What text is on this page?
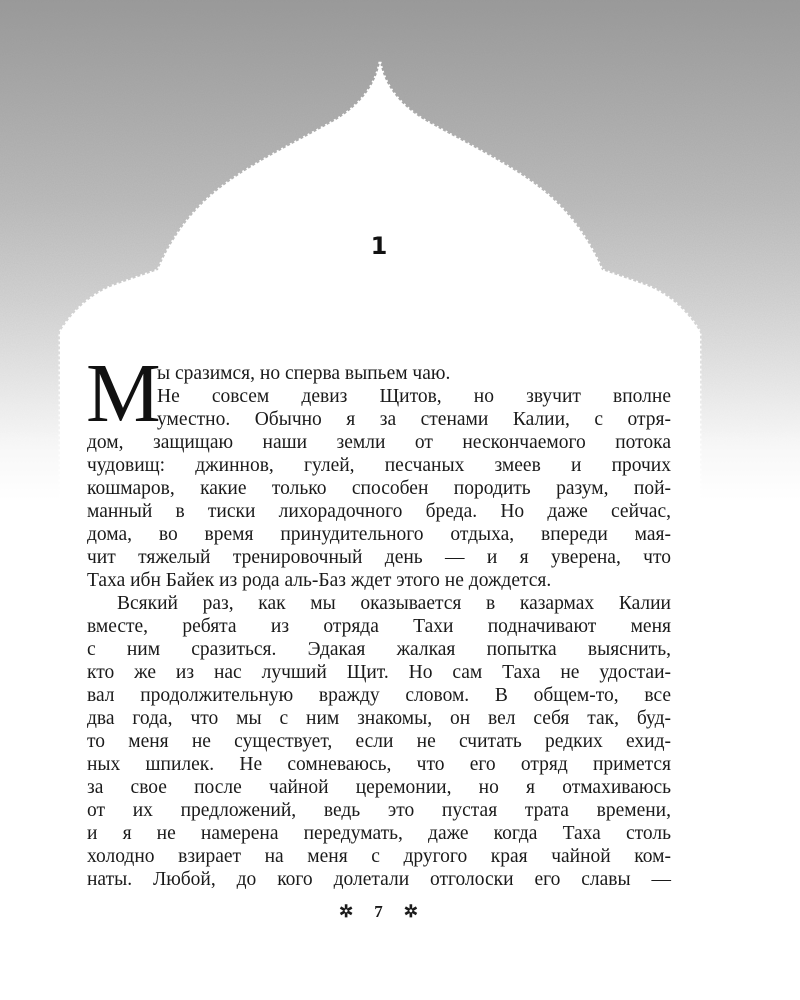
1
М
ы сразимся, но сперва выпьем чаю.
Не совсем девиз Щитов, но звучит вполне
уместно. Обычно я за стенами Калии, с отря-
дом, защищаю наши земли от нескончаемого потока
чудовищ: джиннов, гулей, песчаных змеев и прочих
кошмаров, какие только способен породить разум, пой-
манный в тиски лихорадочного бреда. Но даже сейчас,
дома, во время принудительного отдыха, впереди мая-
чит тяжелый тренировочный день — и я уверена, что
Таха ибн Байек из рода аль-Баз ждет этого не дождется.
Всякий раз, как мы оказывается в казармах Калии
вместе, ребята из отряда Тахи подначивают меня
с ним сразиться. Эдакая жалкая попытка выяснить,
кто же из нас лучший Щит. Но сам Таха не удостаи-
вал продолжительную вражду словом. В общем-то, все
два года, что мы с ним знакомы, он вел себя так, буд-
то меня не существует, если не считать редких ехид-
ных шпилек. Не сомневаюсь, что его отряд примется
за свое после чайной церемонии, но я отмахиваюсь
от их предложений, ведь это пустая трата времени,
и я не намерена передумать, даже когда Таха столь
холодно взирает на меня с другого края чайной ком-
наты. Любой, до кого долетали отголоски его славы —
✲ 7 ✲
